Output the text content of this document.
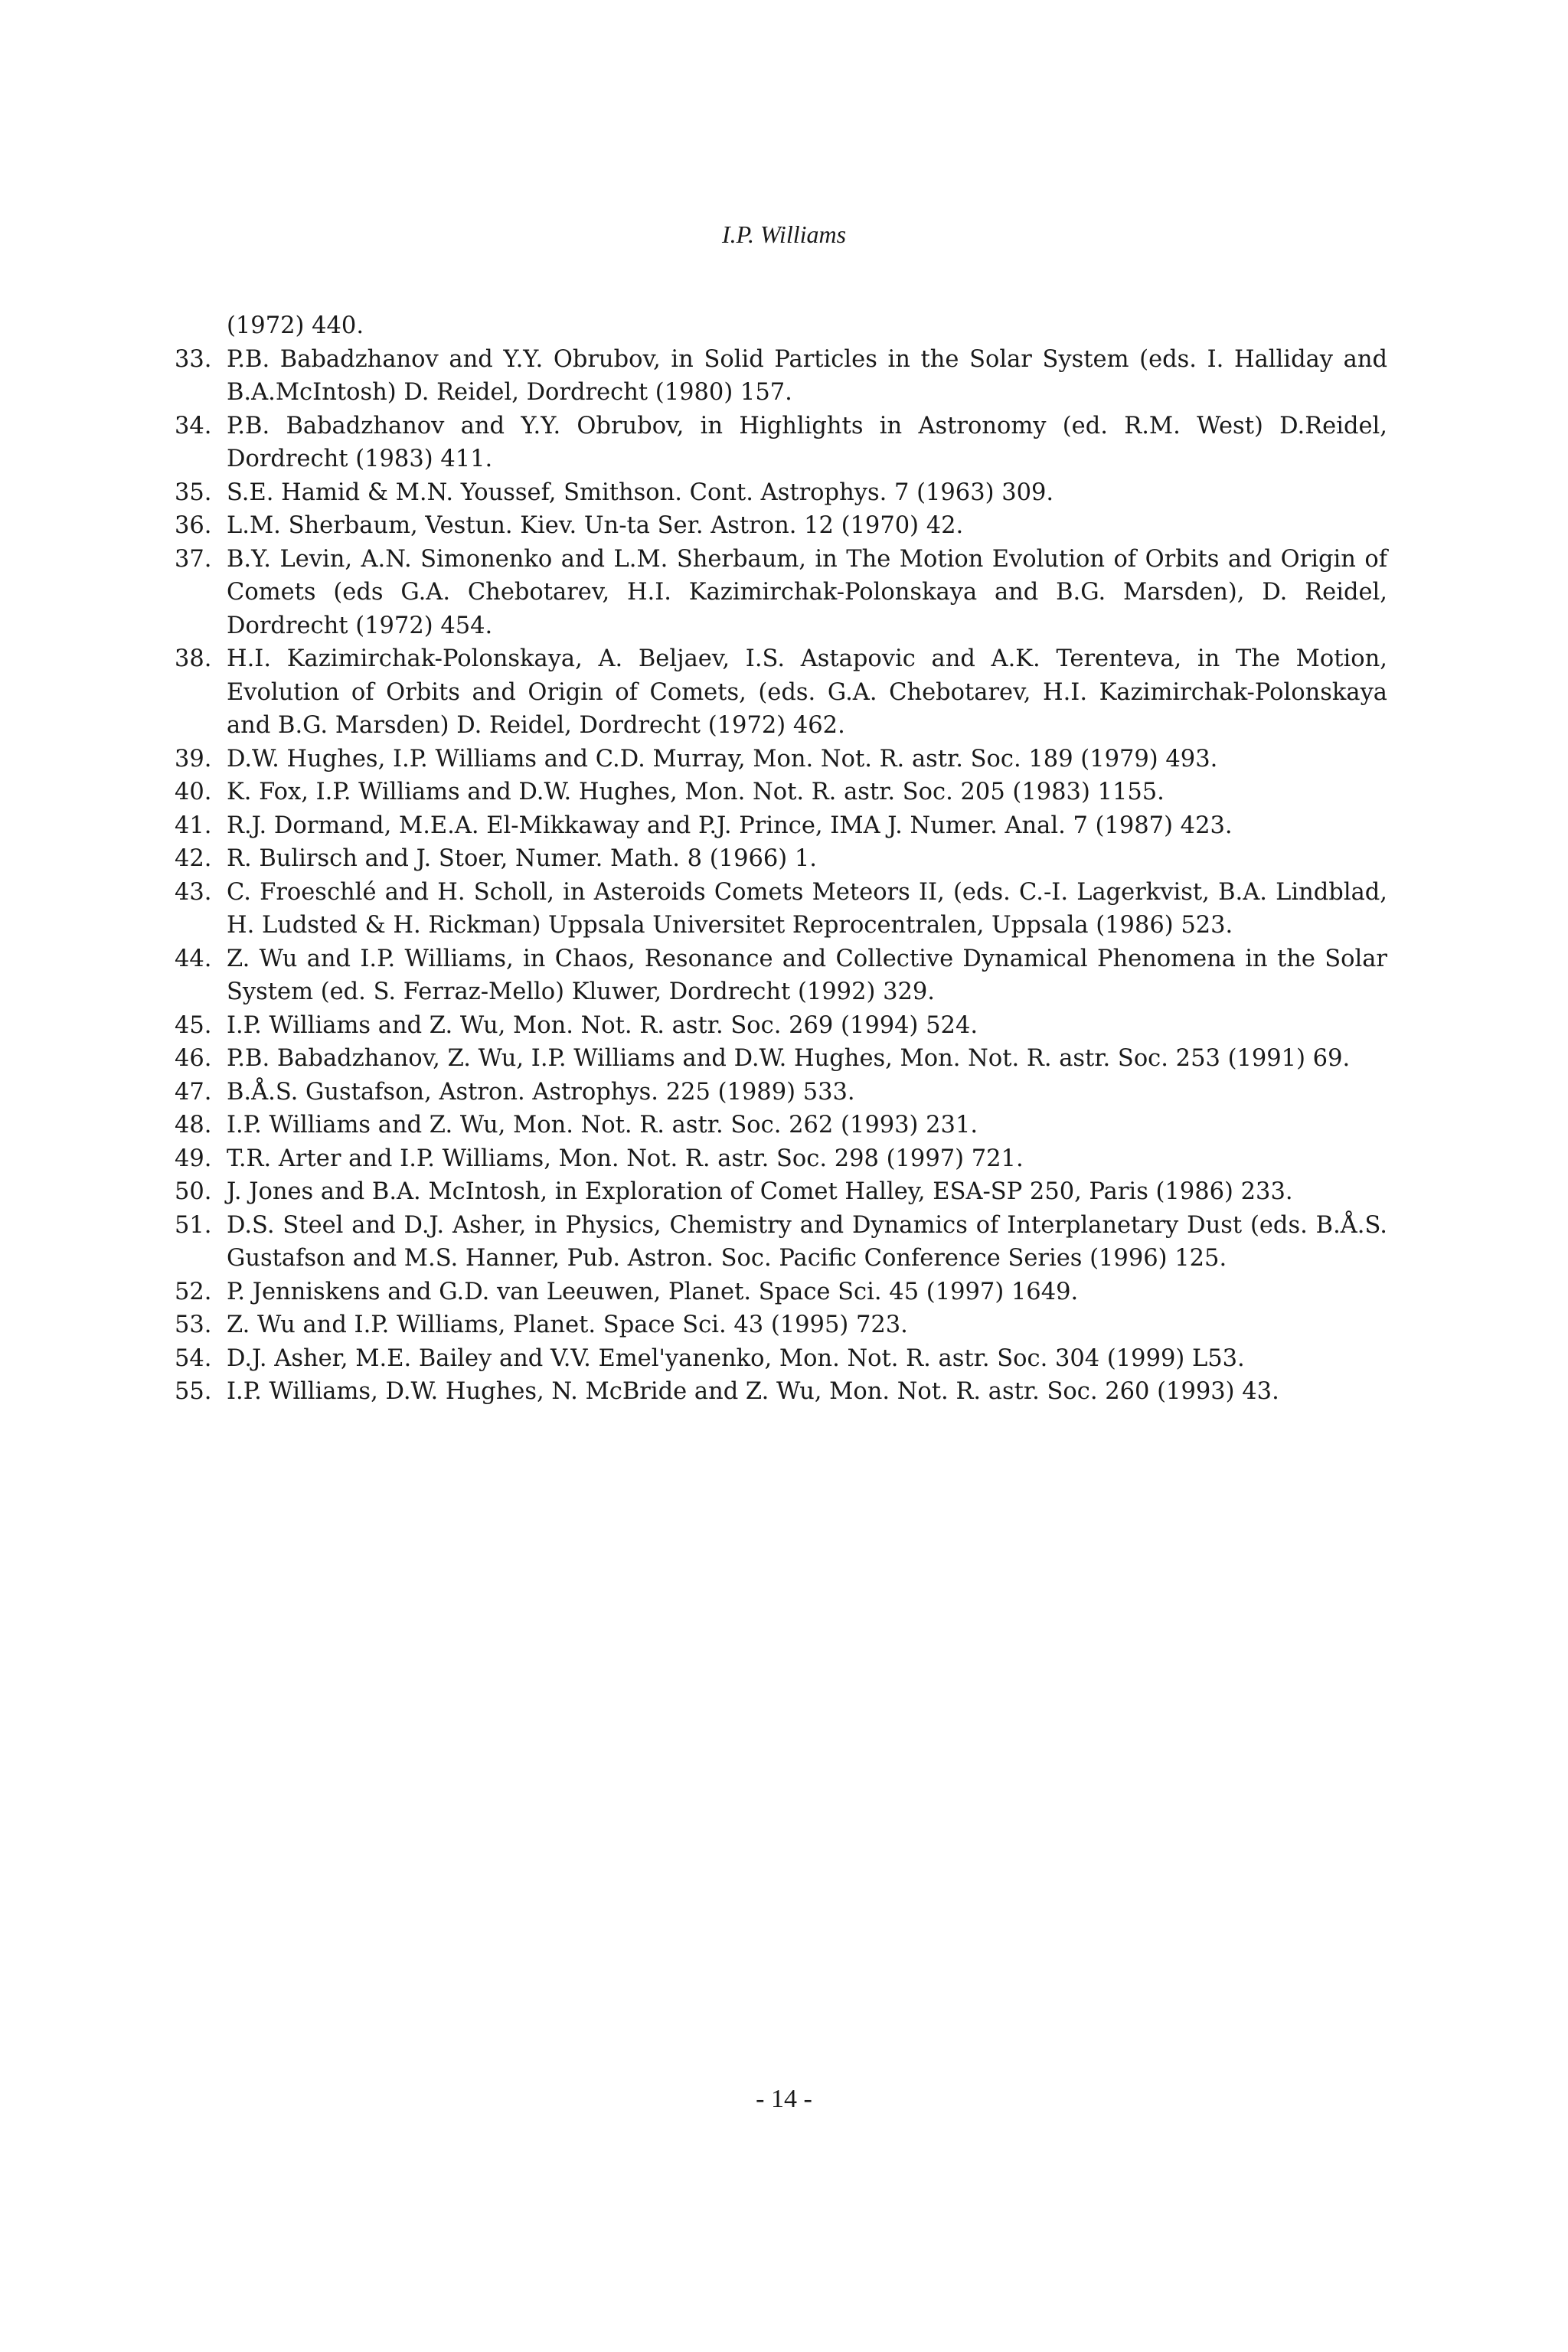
I.P. Williams
(1972) 440.
33. P.B. Babadzhanov and Y.Y. Obrubov, in Solid Particles in the Solar System (eds. I. Halliday and B.A.McIntosh) D. Reidel, Dordrecht (1980) 157.
34. P.B. Babadzhanov and Y.Y. Obrubov, in Highlights in Astronomy (ed. R.M. West) D.Reidel, Dordrecht (1983) 411.
35. S.E. Hamid & M.N. Youssef, Smithson. Cont. Astrophys. 7 (1963) 309.
36. L.M. Sherbaum, Vestun. Kiev. Un-ta Ser. Astron. 12 (1970) 42.
37. B.Y. Levin, A.N. Simonenko and L.M. Sherbaum, in The Motion Evolution of Orbits and Origin of Comets (eds G.A. Chebotarev, H.I. Kazimirchak-Polonskaya and B.G. Marsden), D. Reidel, Dordrecht (1972) 454.
38. H.I. Kazimirchak-Polonskaya, A. Beljaev, I.S. Astapovic and A.K. Terenteva, in The Motion, Evolution of Orbits and Origin of Comets, (eds. G.A. Chebotarev, H.I. Kazimirchak-Polonskaya and B.G. Marsden) D. Reidel, Dordrecht (1972) 462.
39. D.W. Hughes, I.P. Williams and C.D. Murray, Mon. Not. R. astr. Soc. 189 (1979) 493.
40. K. Fox, I.P. Williams and D.W. Hughes, Mon. Not. R. astr. Soc. 205 (1983) 1155.
41. R.J. Dormand, M.E.A. El-Mikkaway and P.J. Prince, IMA J. Numer. Anal. 7 (1987) 423.
42. R. Bulirsch and J. Stoer, Numer. Math. 8 (1966) 1.
43. C. Froeschlé and H. Scholl, in Asteroids Comets Meteors II, (eds. C.-I. Lagerkvist, B.A. Lindblad, H. Ludsted & H. Rickman) Uppsala Universitet Reprocentralen, Uppsala (1986) 523.
44. Z. Wu and I.P. Williams, in Chaos, Resonance and Collective Dynamical Phenomena in the Solar System (ed. S. Ferraz-Mello) Kluwer, Dordrecht (1992) 329.
45. I.P. Williams and Z. Wu, Mon. Not. R. astr. Soc. 269 (1994) 524.
46. P.B. Babadzhanov, Z. Wu, I.P. Williams and D.W. Hughes, Mon. Not. R. astr. Soc. 253 (1991) 69.
47. B.Å.S. Gustafson, Astron. Astrophys. 225 (1989) 533.
48. I.P. Williams and Z. Wu, Mon. Not. R. astr. Soc. 262 (1993) 231.
49. T.R. Arter and I.P. Williams, Mon. Not. R. astr. Soc. 298 (1997) 721.
50. J. Jones and B.A. McIntosh, in Exploration of Comet Halley, ESA-SP 250, Paris (1986) 233.
51. D.S. Steel and D.J. Asher, in Physics, Chemistry and Dynamics of Interplanetary Dust (eds. B.Å.S. Gustafson and M.S. Hanner, Pub. Astron. Soc. Pacific Conference Series (1996) 125.
52. P. Jenniskens and G.D. van Leeuwen, Planet. Space Sci. 45 (1997) 1649.
53. Z. Wu and I.P. Williams, Planet. Space Sci. 43 (1995) 723.
54. D.J. Asher, M.E. Bailey and V.V. Emel'yanenko, Mon. Not. R. astr. Soc. 304 (1999) L53.
55. I.P. Williams, D.W. Hughes, N. McBride and Z. Wu, Mon. Not. R. astr. Soc. 260 (1993) 43.
- 14 -
